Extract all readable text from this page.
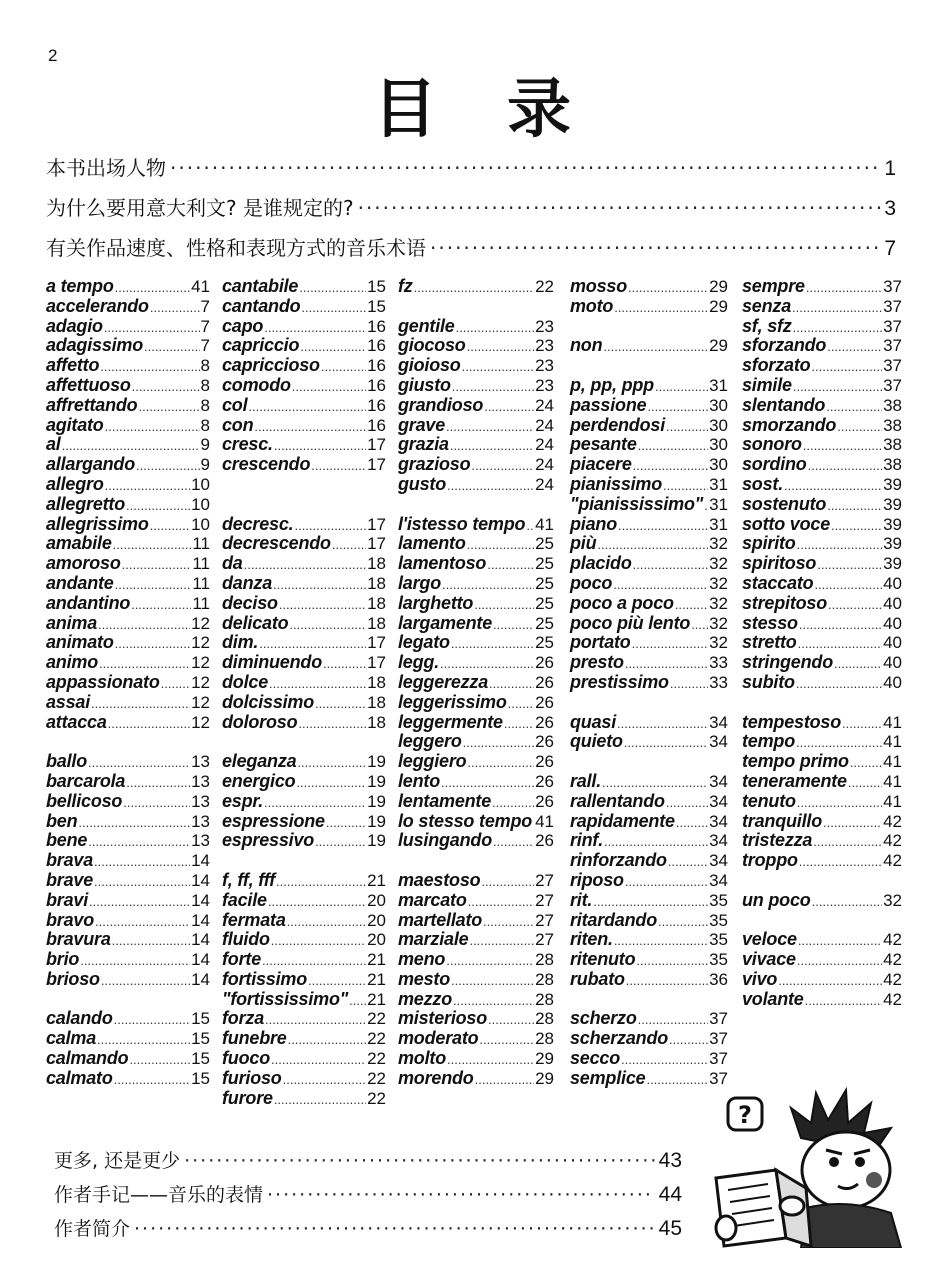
2
目录
本书出场人物 ·····	1
为什么要用意大利文? 是谁规定的? ·····	3
有关作品速度、性格和表现方式的音乐术语 ·····	7
a tempo .....	41
accelerando .....	7
adagio .....	7
adagissimo .....	7
affetto .....	8
affettuoso .....	8
affrettando .....	8
agitato .....	8
al .....	9
allargando .....	9
allegro .....	10
allegretto .....	10
allegrissimo ..... 10
amabile .....	11
amoroso .....	11
andante .....	11
andantino .....	11
anima .....	12
animato .....	12
animo .....	12
appassionato ..... 12
assai .....	12
attacca .....	12
ballo .....	13
barcarola .....	13
bellicoso .....	13
ben .....	13
bene .....	13
brava .....	14
brave .....	14
bravi .....	14
bravo .....	14
bravura .....	14
brio .....	14
brioso .....	14
calando .....	15
calma .....	15
calmando .....	15
calmato .....	15
cantabile .....	15
cantando .....	15
capo .....	16
capriccio .....	16
capriccioso .....	16
comodo .....	16
col .....	16
con .....	16
cresc. .....	17
crescendo .....	17
decresc. .....	17
decrescendo ..... 17
da .....	18
danza .....	18
deciso .....	18
delicato .....	18
dim. .....	17
diminuendo .....	17
dolce .....	18
dolcissimo .....	18
doloroso .....	18
eleganza .....	19
energico .....	19
espr. .....	19
espressione ..... 19
espressivo .....	19
f, ff, fff .....	21
facile .....	20
fermata .....	20
fluido .....	20
forte .....	21
fortissimo .....	21
"fortississimo" ..... 21
forza .....	22
funebre .....	22
fuoco .....	22
furioso .....	22
furore .....	22
fz .....	22
gentile .....	23
giocoso .....	23
gioioso .....	23
giusto .....	23
grandioso .....	24
grave .....	24
grazia .....	24
grazioso .....	24
gusto .....	24
l'istesso tempo ..... 41
lamento .....	25
lamentoso .....	25
largo .....	25
larghetto .....	25
largamente .....	25
legato .....	25
legg. .....	26
leggerezza .....	26
leggerissimo ..... 26
leggermente ..... 26
leggero .....	26
leggiero .....	26
lento .....	26
lentamente .....	26
lo stesso tempo ..... 41
lusingando .....	26
maestoso .....	27
marcato .....	27
martellato .....	27
marziale .....	27
meno .....	28
mesto .....	28
mezzo .....	28
misterioso .....	28
moderato .....	28
molto .....	29
morendo .....	29
mosso .....	29
moto .....	29
non .....	29
p, pp, ppp .....	31
passione .....	30
perdendosi .....	30
pesante .....	30
piacere .....	30
pianissimo .....	31
"pianississimo" ..... 31
piano .....	31
più .....	32
placido .....	32
poco .....	32
poco a poco ..... 32
poco più lento ..... 32
portato .....	32
presto .....	33
prestissimo ..... 33
quasi .....	34
quieto .....	34
rall. .....	34
rallentando .....	34
rapidamente ..... 34
rinf. .....	34
rinforzando ..... 34
riposo .....	34
rit. .....	35
ritardando .....	35
riten. .....	35
ritenuto .....	35
rubato .....	36
scherzo .....	37
scherzando ..... 37
secco .....	37
semplice .....	37
sempre .....	37
senza .....	37
sf, sfz .....	37
sforzando .....	37
sforzato .....	37
simile .....	37
slentando .....	38
smorzando .....	38
sonoro .....	38
sordino .....	38
sost. .....	39
sostenuto .....	39
sotto voce .....	39
spirito .....	39
spiritoso .....	39
staccato .....	40
strepitoso .....	40
stesso .....	40
stretto .....	40
stringendo .....	40
subito .....	40
tempestoso ..... 41
tempo .....	41
tempo primo ..... 41
teneramente ..... 41
tenuto .....	41
tranquillo .....	42
tristezza .....	42
troppo .....	42
un poco .....	32
veloce .....	42
vivace .....	42
vivo .....	42
volante .....	42
更多, 还是更少 ·····	43
作者手记——音乐的表情 ·····	44
作者简介 ·····	45
?
